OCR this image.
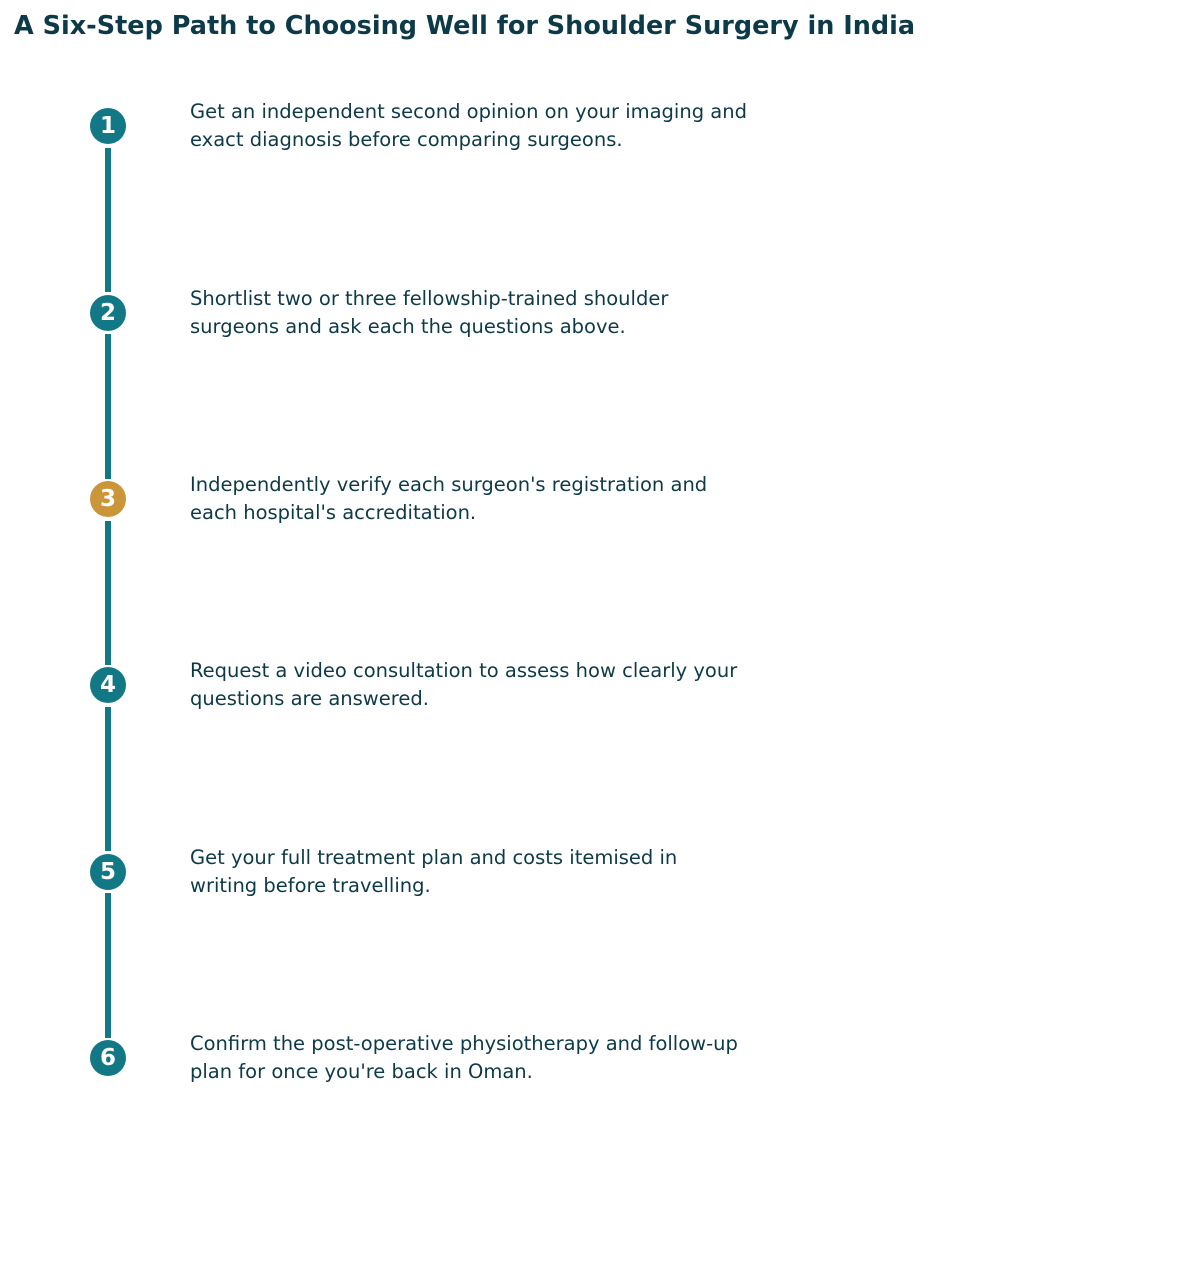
A Six-Step Path to Choosing Well for Shoulder Surgery in India
1

Get an independent second opinion on your imaging and exact diagnosis before comparing surgeons.

2

Shortlist two or three fellowship-trained shoulder surgeons and ask each the questions above.

3

Independently verify each surgeon's registration and each hospital's accreditation.

4

Request a video consultation to assess how clearly your questions are answered.

5

Get your full treatment plan and costs itemised in writing before travelling.

6

Confirm the post-operative physiotherapy and follow-up plan for once you're back in Oman.
